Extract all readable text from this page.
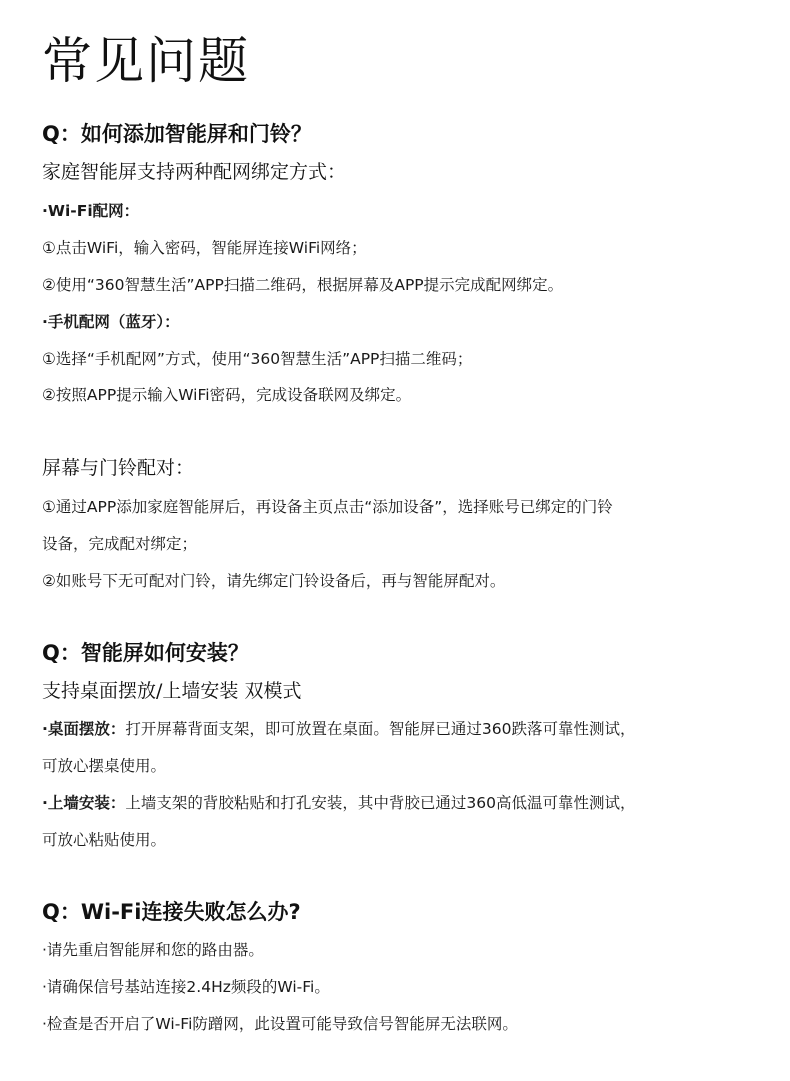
常见问题
Q：如何添加智能屏和门铃？
家庭智能屏支持两种配网绑定方式：
·Wi-Fi配网：
①点击WiFi，输入密码，智能屏连接WiFi网络；
②使用“360智慧生活”APP扫描二维码，根据屏幕及APP提示完成配网绑定。
·手机配网（蓝牙）：
①选择“手机配网”方式，使用“360智慧生活”APP扫描二维码；
②按照APP提示输入WiFi密码，完成设备联网及绑定。
屏幕与门铃配对：
①通过APP添加家庭智能屏后，再设备主页点击“添加设备”，选择账号已绑定的门铃
设备，完成配对绑定；
②如账号下无可配对门铃，请先绑定门铃设备后，再与智能屏配对。
Q：智能屏如何安装？
支持桌面摆放/上墙安装 双模式
·桌面摆放：打开屏幕背面支架，即可放置在桌面。智能屏已通过360跌落可靠性测试，
可放心摆桌使用。
·上墙安装：上墙支架的背胶粘贴和打孔安装，其中背胶已通过360高低温可靠性测试，
可放心粘贴使用。
Q：Wi-Fi连接失败怎么办?
·请先重启智能屏和您的路由器。
·请确保信号基站连接2.4Hz频段的Wi-Fi。
·检查是否开启了Wi-Fi防蹭网，此设置可能导致信号智能屏无法联网。
